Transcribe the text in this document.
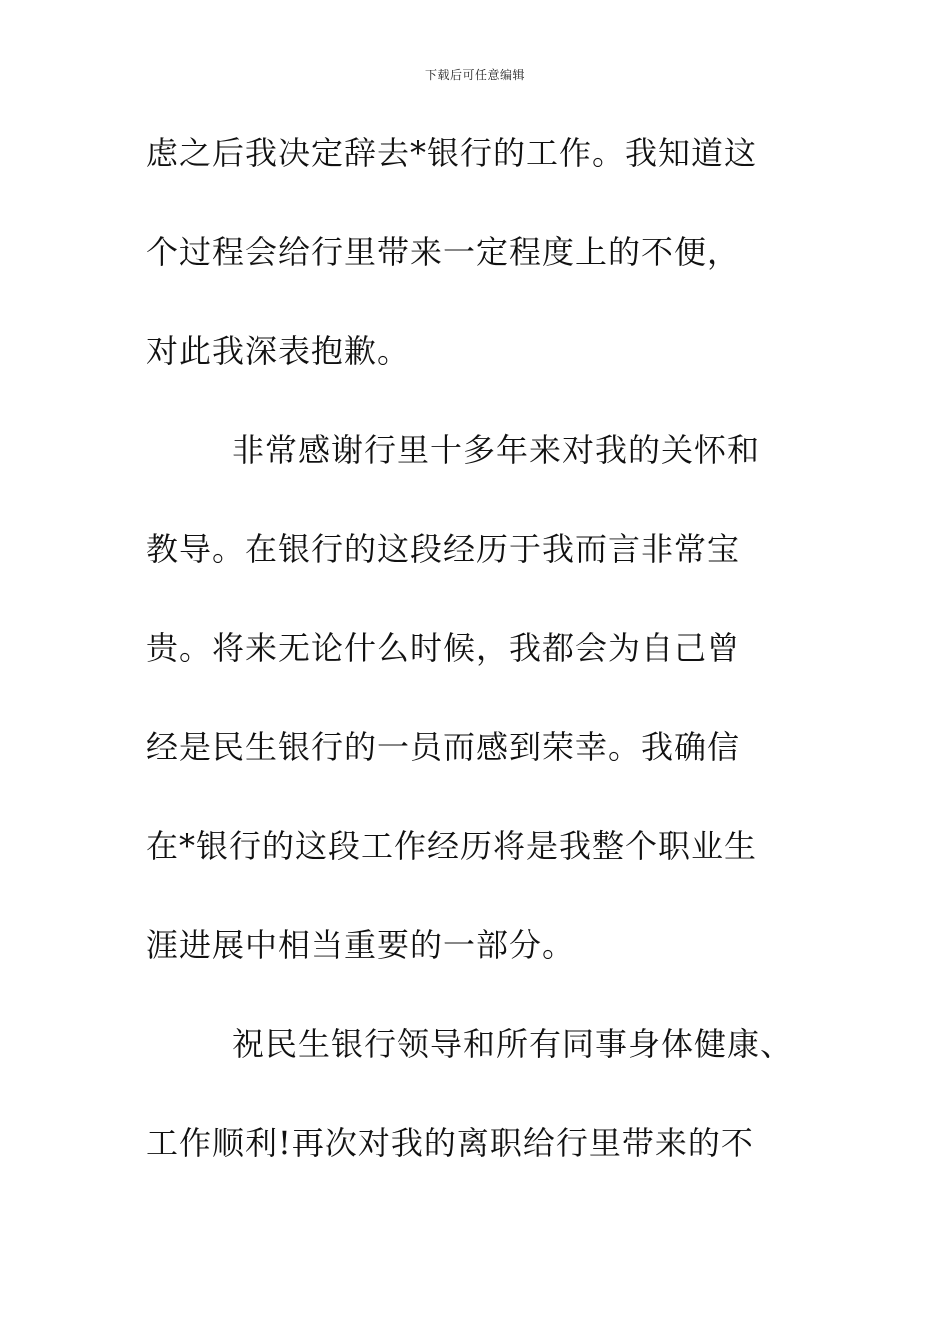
下载后可任意编辑
虑之后我决定辞去*银行的工作。我知道这
个过程会给行里带来一定程度上的不便，
对此我深表抱歉。
非常感谢行里十多年来对我的关怀和
教导。在银行的这段经历于我而言非常宝
贵。将来无论什么时候，我都会为自己曾
经是民生银行的一员而感到荣幸。我确信
在*银行的这段工作经历将是我整个职业生
涯进展中相当重要的一部分。
祝民生银行领导和所有同事身体健康、
工作顺利!再次对我的离职给行里带来的不
